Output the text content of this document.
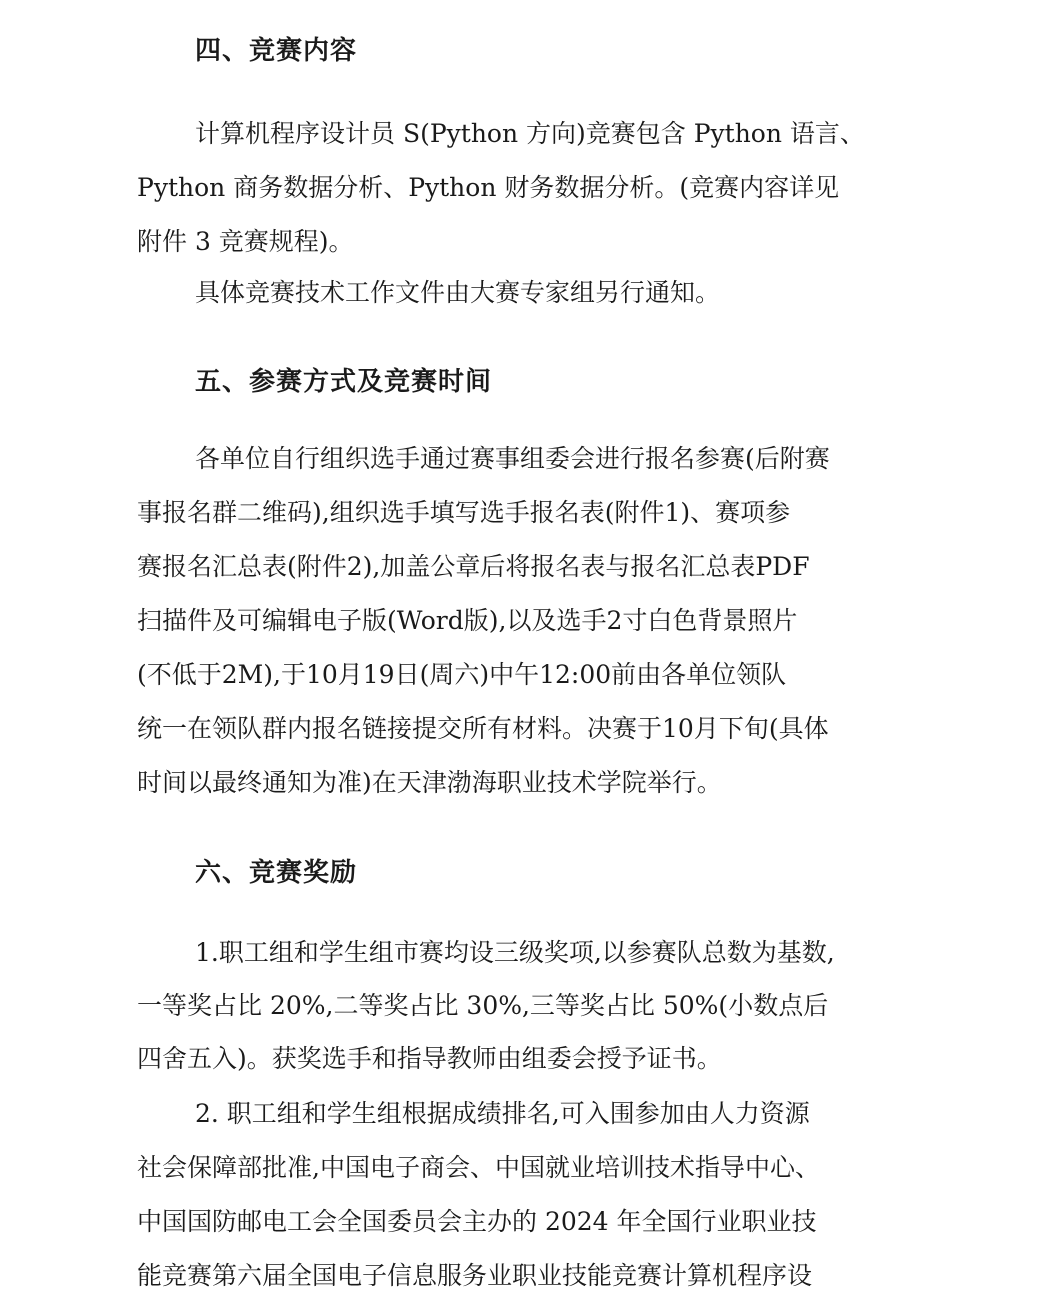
四、竞赛内容
计算机程序设计员 S(Python 方向)竞赛包含 Python 语言、
Python 商务数据分析、Python 财务数据分析。(竞赛内容详见
附件 3 竞赛规程)。
具体竞赛技术工作文件由大赛专家组另行通知。
五、参赛方式及竞赛时间
各单位自行组织选手通过赛事组委会进行报名参赛(后附赛
事报名群二维码),组织选手填写选手报名表(附件1)、赛项参
赛报名汇总表(附件2),加盖公章后将报名表与报名汇总表PDF
扫描件及可编辑电子版(Word版),以及选手2寸白色背景照片
(不低于2M),于10月19日(周六)中午12:00前由各单位领队
统一在领队群内报名链接提交所有材料。决赛于10月下旬(具体
时间以最终通知为准)在天津渤海职业技术学院举行。
六、竞赛奖励
1.职工组和学生组市赛均设三级奖项,以参赛队总数为基数,
一等奖占比 20%,二等奖占比 30%,三等奖占比 50%(小数点后
四舍五入)。获奖选手和指导教师由组委会授予证书。
2. 职工组和学生组根据成绩排名,可入围参加由人力资源
社会保障部批准,中国电子商会、中国就业培训技术指导中心、
中国国防邮电工会全国委员会主办的 2024 年全国行业职业技
能竞赛第六届全国电子信息服务业职业技能竞赛计算机程序设
